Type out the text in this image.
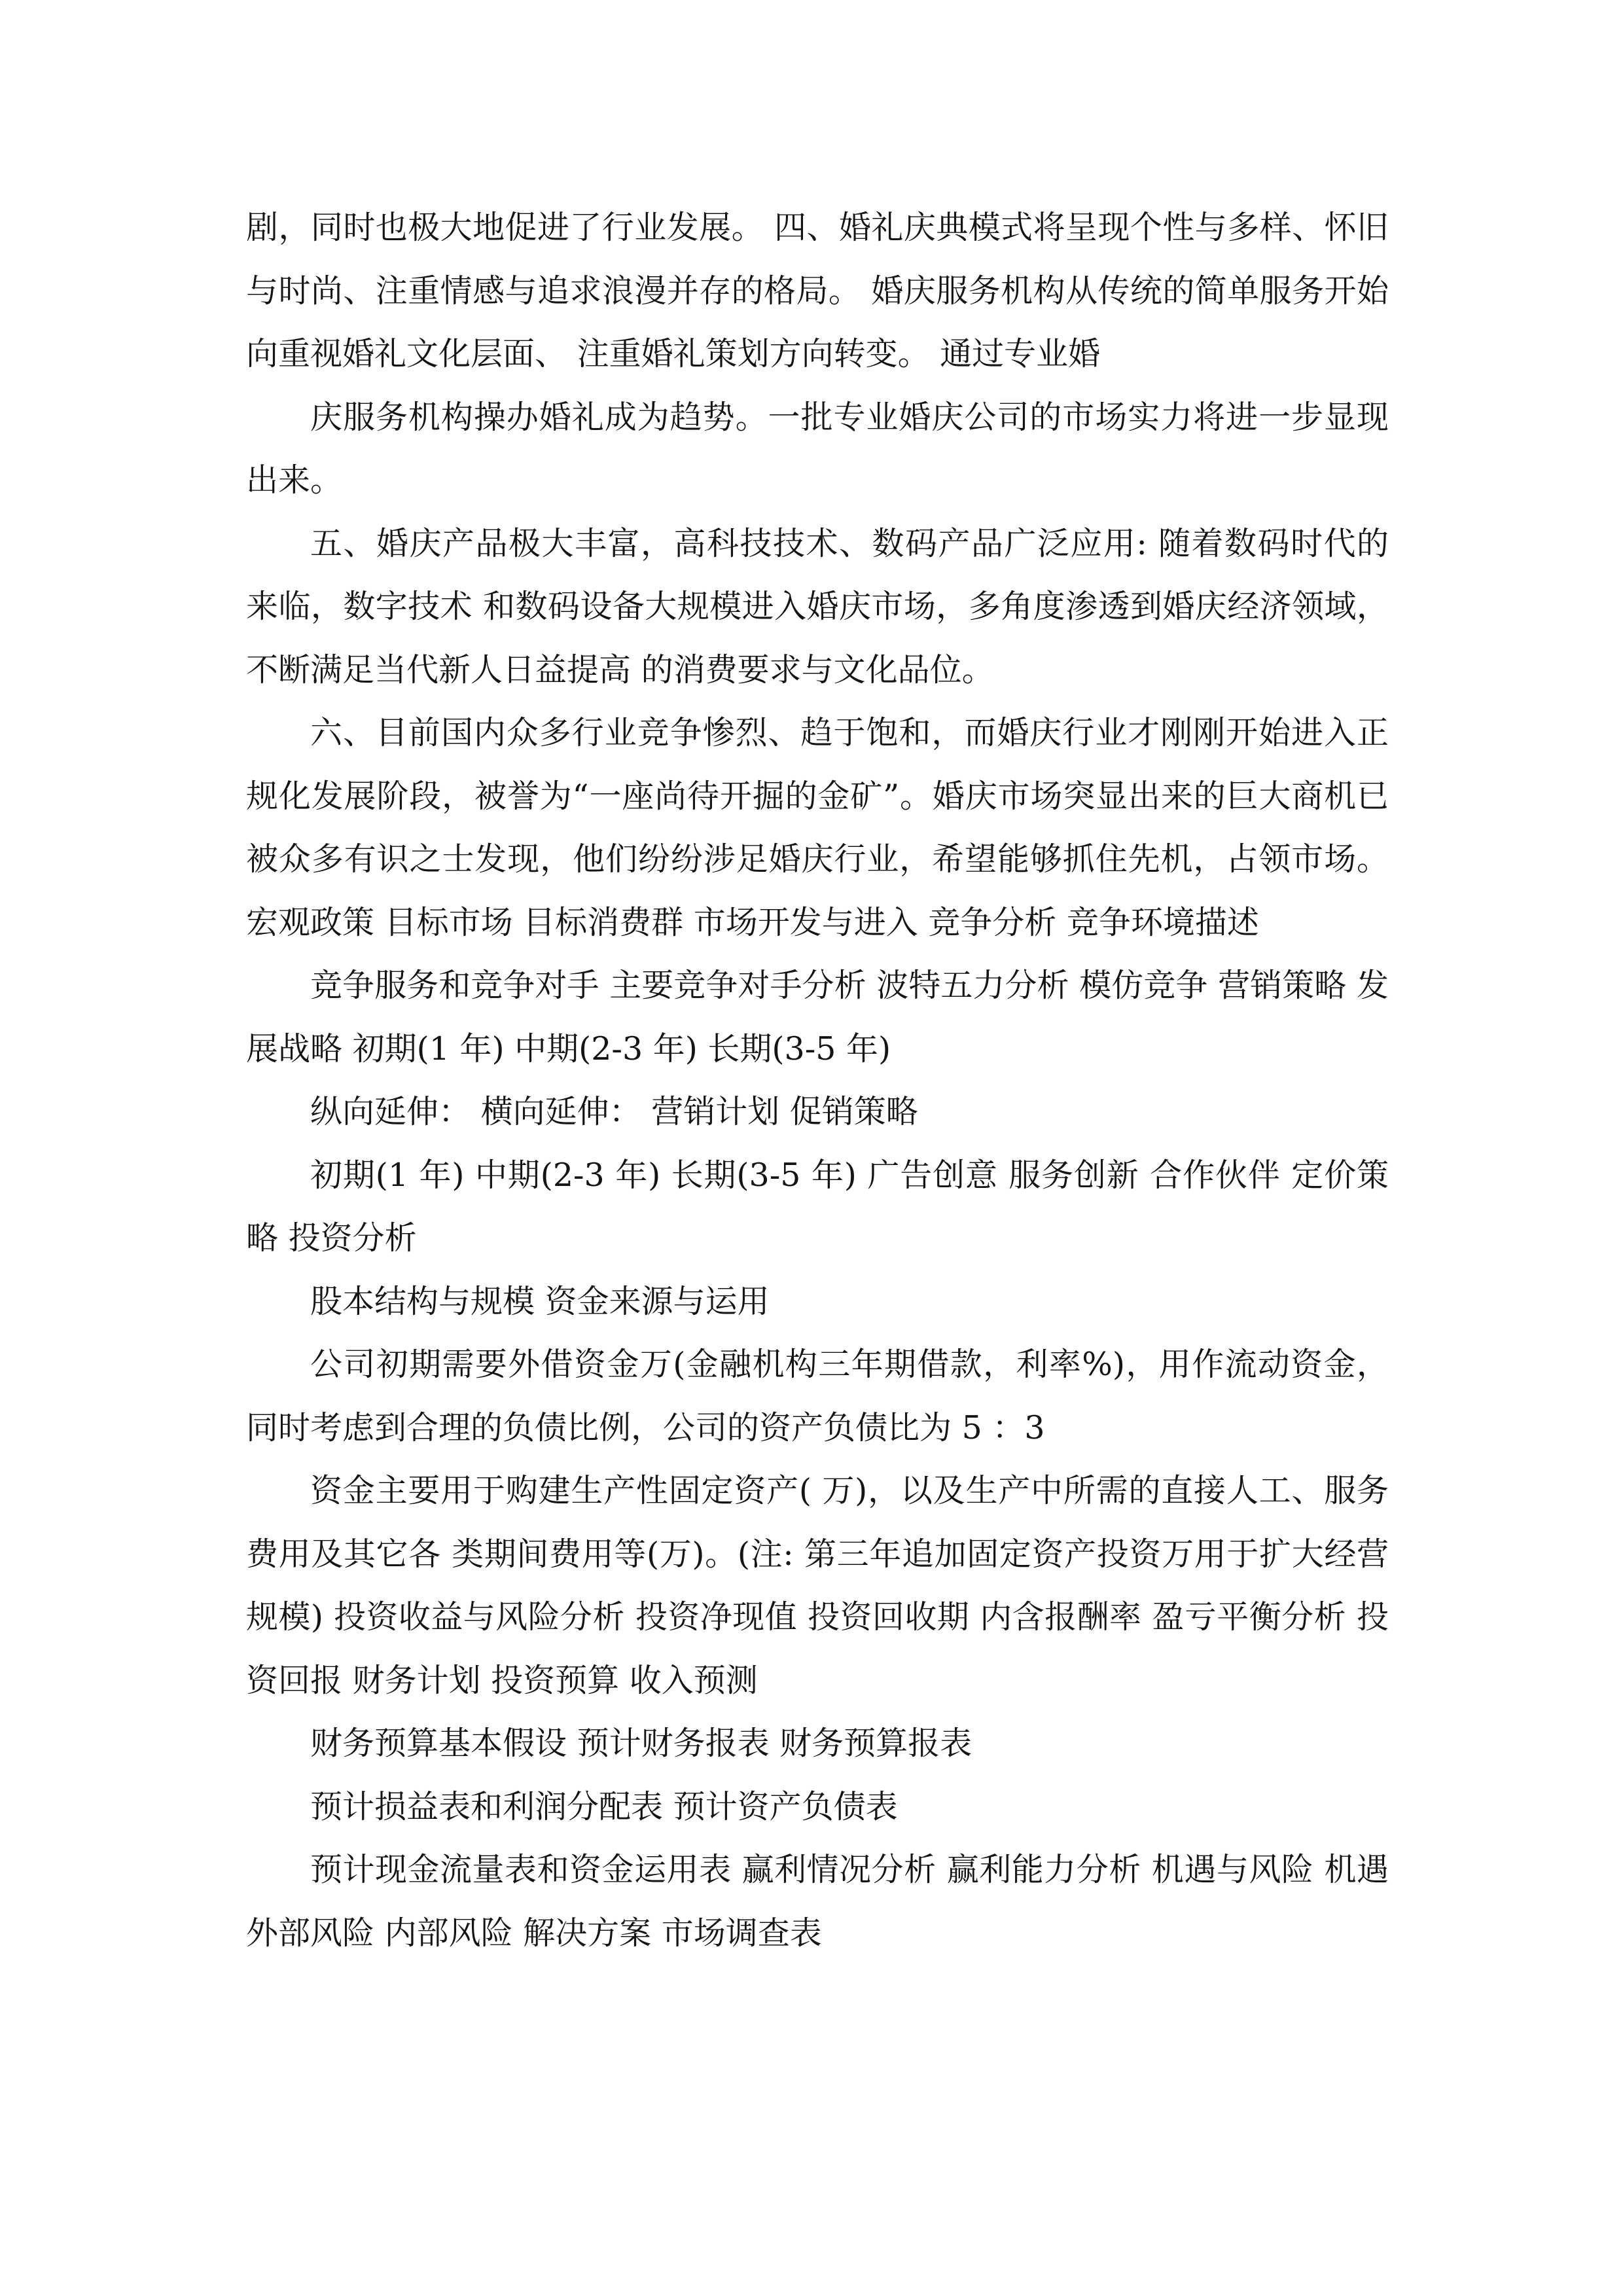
剧，同时也极大地促进了行业发展。 四、婚礼庆典模式将呈现个性与多样、怀旧与时尚、注重情感与追求浪漫并存的格局。 婚庆服务机构从传统的简单服务开始向重视婚礼文化层面、 注重婚礼策划方向转变。 通过专业婚

庆服务机构操办婚礼成为趋势。一批专业婚庆公司的市场实力将进一步显现出来。

五、婚庆产品极大丰富，高科技技术、数码产品广泛应用: 随着数码时代的来临，数字技术 和数码设备大规模进入婚庆市场，多角度渗透到婚庆经济领域，不断满足当代新人日益提高 的消费要求与文化品位。

六、目前国内众多行业竞争惨烈、趋于饱和，而婚庆行业才刚刚开始进入正规化发展阶段，被誉为“一座尚待开掘的金矿”。婚庆市场突显出来的巨大商机已被众多有识之士发现，他们纷纷涉足婚庆行业，希望能够抓住先机，占领市场。宏观政策 目标市场 目标消费群 市场开发与进入 竞争分析 竞争环境描述

竞争服务和竞争对手 主要竞争对手分析 波特五力分析 模仿竞争 营销策略 发展战略 初期(1 年) 中期(2-3 年) 长期(3-5 年)

纵向延伸： 横向延伸： 营销计划 促销策略

初期(1 年) 中期(2-3 年) 长期(3-5 年) 广告创意 服务创新 合作伙伴 定价策略 投资分析

股本结构与规模 资金来源与运用

公司初期需要外借资金万(金融机构三年期借款，利率%)，用作流动资金，同时考虑到合理的负债比例，公司的资产负债比为 5 ：3

资金主要用于购建生产性固定资产( 万)，以及生产中所需的直接人工、服务费用及其它各 类期间费用等(万)。(注: 第三年追加固定资产投资万用于扩大经营规模) 投资收益与风险分析 投资净现值 投资回收期 内含报酬率 盈亏平衡分析 投资回报 财务计划 投资预算 收入预测

财务预算基本假设 预计财务报表 财务预算报表

预计损益表和利润分配表 预计资产负债表

预计现金流量表和资金运用表 赢利情况分析 赢利能力分析 机遇与风险 机遇 外部风险 内部风险 解决方案 市场调查表
